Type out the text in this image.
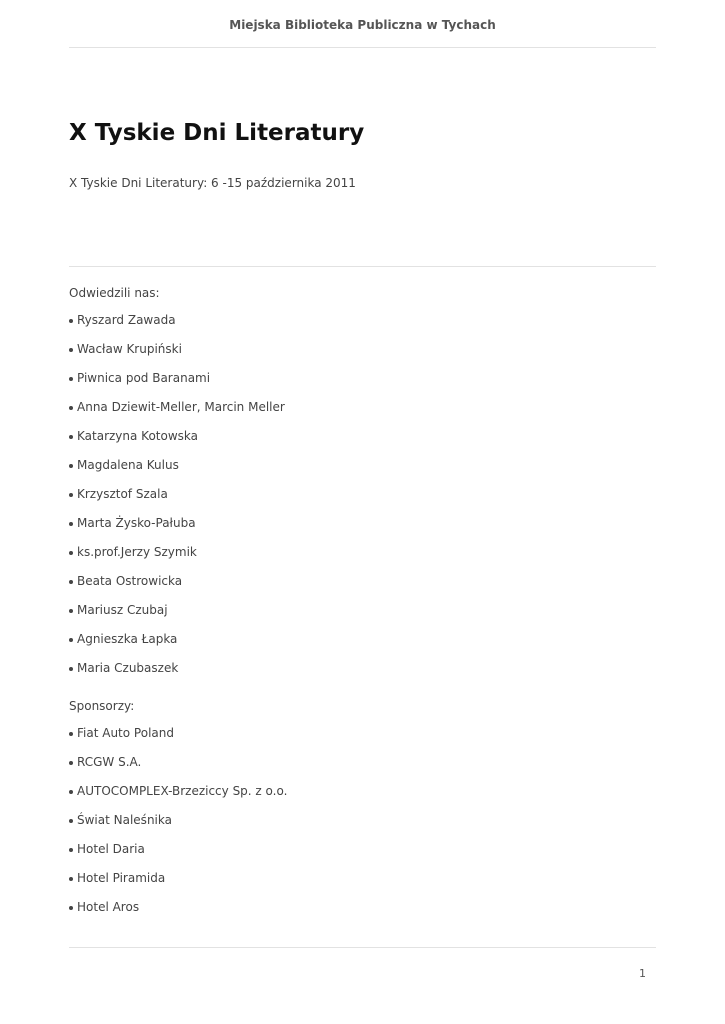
Miejska Biblioteka Publiczna w Tychach
X Tyskie Dni Literatury

X Tyskie Dni Literatury: 6 -15 października 2011

Odwiedzili nas:

Ryszard Zawada
Wacław Krupiński
Piwnica pod Baranami
Anna Dziewit-Meller, Marcin Meller
Katarzyna Kotowska
Magdalena Kulus
Krzysztof Szala
Marta Żysko-Pałuba
ks.prof.Jerzy Szymik
Beata Ostrowicka
Mariusz Czubaj
Agnieszka Łapka
Maria Czubaszek

Sponsorzy:

Fiat Auto Poland
RCGW S.A.
AUTOCOMPLEX-Brzeziccy Sp. z o.o.
Świat Naleśnika
Hotel Daria
Hotel Piramida
Hotel Aros
1
